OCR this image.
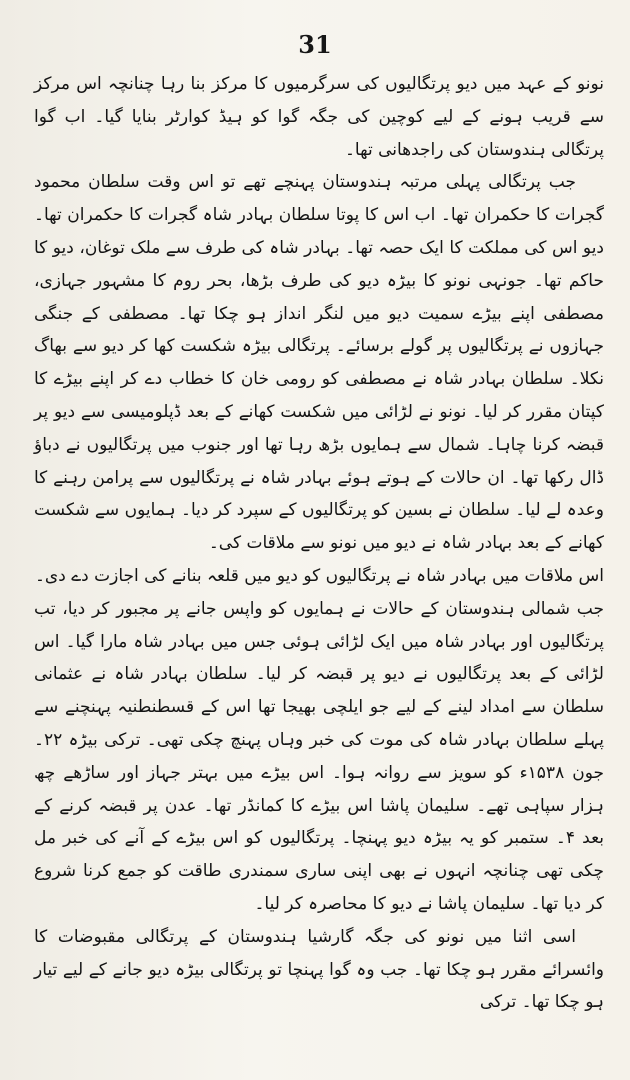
31

نونو کے عہد میں دیو پرتگالیوں کی سرگرمیوں کا مرکز بنا رہا چنانچہ اس مرکز سے قریب ہونے کے لیے کوچین کی جگہ گوا کو ہیڈ کوارٹر بنایا گیا۔ اب گوا پرتگالی ہندوستان کی راجدھانی تھا۔

جب پرتگالی پہلی مرتبہ ہندوستان پہنچے تھے تو اس وقت سلطان محمود گجرات کا حکمران تھا۔ اب اس کا پوتا سلطان بہادر شاہ گجرات کا حکمران تھا۔ دیو اس کی مملکت کا ایک حصہ تھا۔ بہادر شاہ کی طرف سے ملک توغان، دیو کا حاکم تھا۔ جونہی نونو کا بیڑہ دیو کی طرف بڑھا، بحر روم کا مشہور جہازی، مصطفی اپنے بیڑے سمیت دیو میں لنگر انداز ہو چکا تھا۔ مصطفی کے جنگی جہازوں نے پرتگالیوں پر گولے برسائے۔ پرتگالی بیڑہ شکست کھا کر دیو سے بھاگ نکلا۔ سلطان بہادر شاہ نے مصطفی کو رومی خان کا خطاب دے کر اپنے بیڑے کا کپتان مقرر کر لیا۔ نونو نے لڑائی میں شکست کھانے کے بعد ڈپلومیسی سے دیو پر قبضہ کرنا چاہا۔ شمال سے ہمایوں بڑھ رہا تھا اور جنوب میں پرتگالیوں نے دباؤ ڈال رکھا تھا۔ ان حالات کے ہوتے ہوئے بہادر شاہ نے پرتگالیوں سے پرامن رہنے کا وعدہ لے لیا۔ سلطان نے بسین کو پرتگالیوں کے سپرد کر دیا۔ ہمایوں سے شکست کھانے کے بعد بہادر شاہ نے دیو میں نونو سے ملاقات کی۔

اس ملاقات میں بہادر شاہ نے پرتگالیوں کو دیو میں قلعہ بنانے کی اجازت دے دی۔

جب شمالی ہندوستان کے حالات نے ہمایوں کو واپس جانے پر مجبور کر دیا، تب پرتگالیوں اور بہادر شاہ میں ایک لڑائی ہوئی جس میں بہادر شاہ مارا گیا۔ اس لڑائی کے بعد پرتگالیوں نے دیو پر قبضہ کر لیا۔ سلطان بہادر شاہ نے عثمانی سلطان سے امداد لینے کے لیے جو ایلچی بھیجا تھا اس کے قسطنطنیہ پہنچنے سے پہلے سلطان بہادر شاہ کی موت کی خبر وہاں پہنچ چکی تھی۔ ترکی بیڑہ ۲۲۔ جون ۱۵۳۸ء کو سویز سے روانہ ہوا۔ اس بیڑے میں بہتر جہاز اور ساڑھے چھ ہزار سپاہی تھے۔ سلیمان پاشا اس بیڑے کا کمانڈر تھا۔ عدن پر قبضہ کرنے کے بعد ۴۔ ستمبر کو یہ بیڑہ دیو پہنچا۔ پرتگالیوں کو اس بیڑے کے آنے کی خبر مل چکی تھی چنانچہ انہوں نے بھی اپنی ساری سمندری طاقت کو جمع کرنا شروع کر دیا تھا۔ سلیمان پاشا نے دیو کا محاصرہ کر لیا۔

اسی اثنا میں نونو کی جگہ گارشیا ہندوستان کے پرتگالی مقبوضات کا وائسرائے مقرر ہو چکا تھا۔ جب وہ گوا پہنچا تو پرتگالی بیڑہ دیو جانے کے لیے تیار ہو چکا تھا۔ ترکی
